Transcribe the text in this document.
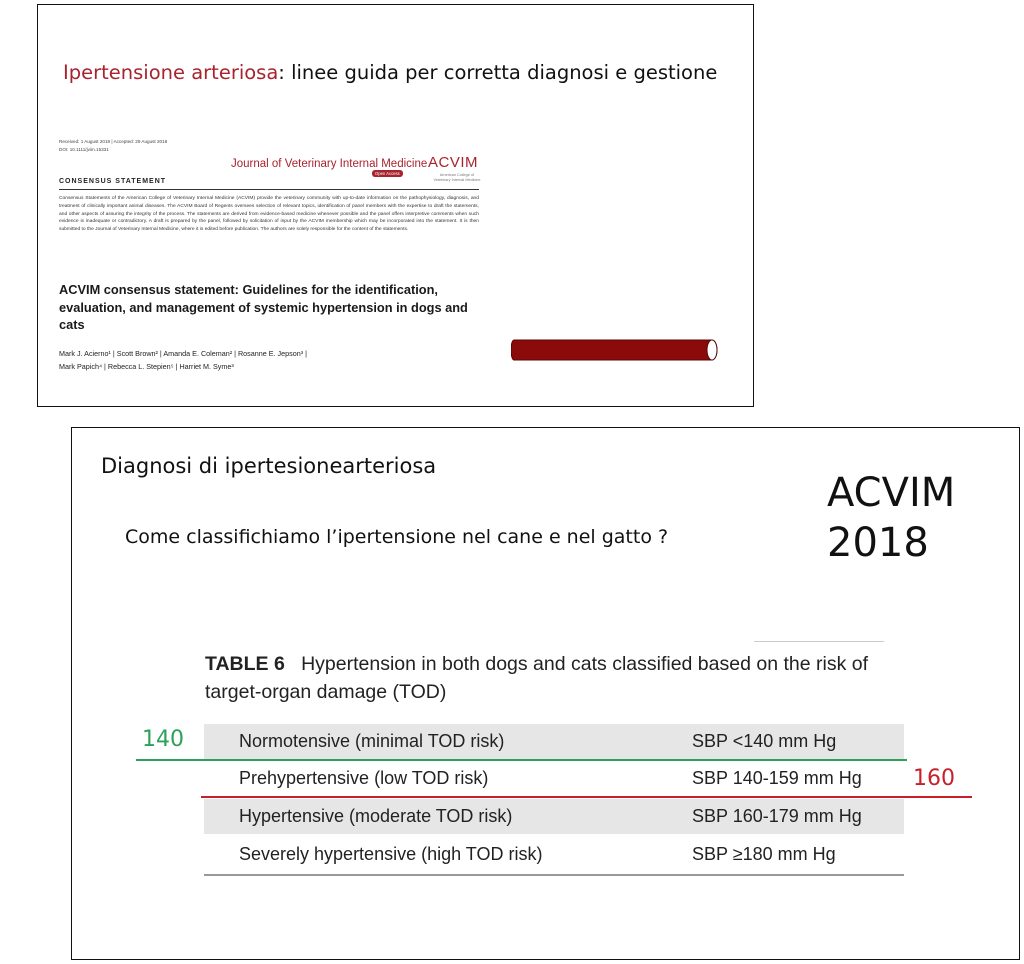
Ipertensione arteriosa: linee guida per corretta diagnosi e gestione
Received: 1 August 2018 | Accepted: 29 August 2018
DOI: 10.1111/jvim.15331
Journal of Veterinary Internal Medicine
Open Access
ACVIM
American College of Veterinary Internal Medicine
CONSENSUS STATEMENT
Consensus Statements of the American College of Veterinary Internal Medicine (ACVIM) provide the veterinary community with up-to-date information on the pathophysiology, diagnosis, and treatment of clinically important animal diseases. The ACVIM Board of Regents oversees selection of relevant topics, identification of panel members with the expertise to draft the statements, and other aspects of assuring the integrity of the process. The statements are derived from evidence-based medicine whenever possible and the panel offers interpretive comments when such evidence is inadequate or contradictory. A draft is prepared by the panel, followed by solicitation of input by the ACVIM membership which may be incorporated into the statement. It is then submitted to the Journal of Veterinary Internal Medicine, where it is edited before publication. The authors are solely responsible for the content of the statements.
ACVIM consensus statement: Guidelines for the identification, evaluation, and management of systemic hypertension in dogs and cats
Mark J. Acierno¹ | Scott Brown² | Amanda E. Coleman² | Rosanne E. Jepson³ |
Mark Papich⁴ | Rebecca L. Stepien⁵ | Harriet M. Syme³
Diagnosi di ipertesionearteriosa
Come classifichiamo l’ipertensione nel cane e nel gatto ?
ACVIM
2018
TABLE 6 Hypertension in both dogs and cats classified based on the risk of target-organ damage (TOD)
Normotensive (minimal TOD risk)	SBP <140 mm Hg
Prehypertensive (low TOD risk)	SBP 140-159 mm Hg
Hypertensive (moderate TOD risk)	SBP 160-179 mm Hg
Severely hypertensive (high TOD risk)	SBP ≥180 mm Hg
140
160
